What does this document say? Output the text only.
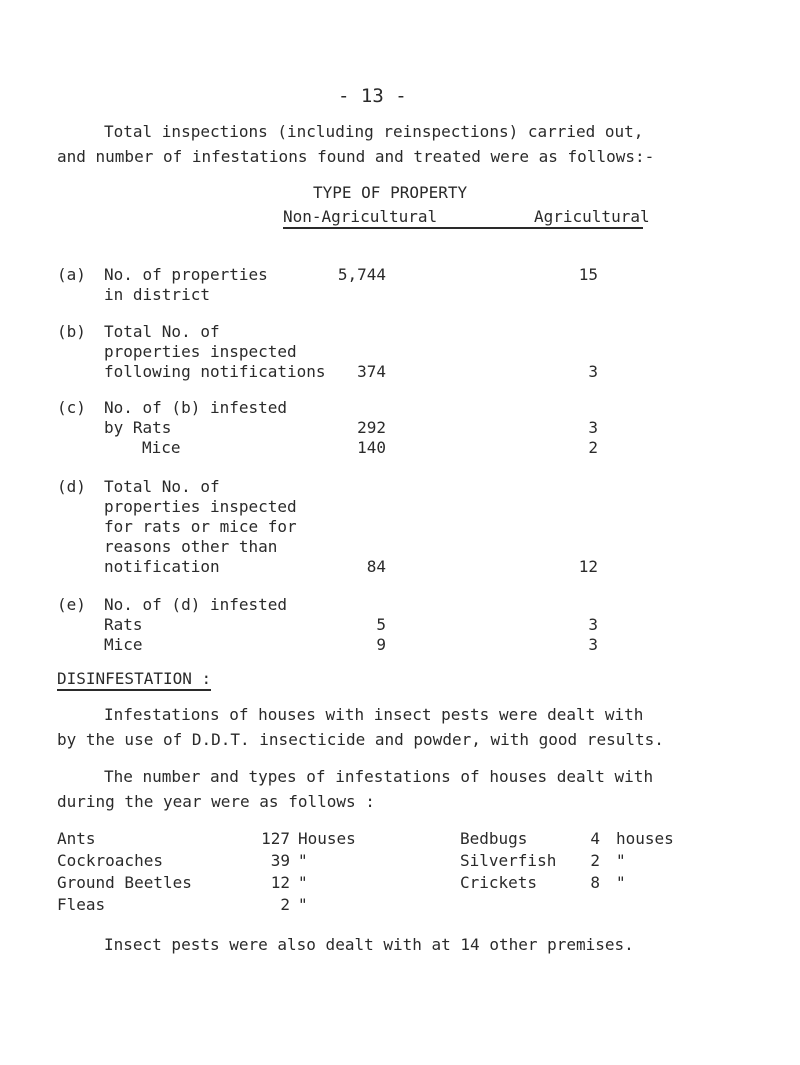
- 13 -
Total inspections (including reinspections) carried out,
and number of infestations found and treated were as follows:-
TYPE OF PROPERTY
Non-Agricultural	Agricultural
(a) No. of properties
in district
5,744	15
(b) Total No. of
properties inspected
following notifications	374	3
(c) No. of (b) infested
by Rats	292	3
Mice	140	2
(d) Total No. of
properties inspected
for rats or mice for
reasons other than
notification	84	12
(e) No. of (d) infested
Rats	5	3
Mice	9	3
DISINFESTATION :
Infestations of houses with insect pests were dealt with
by the use of D.D.T. insecticide and powder, with good results.
The number and types of infestations of houses dealt with
during the year were as follows :
Ants	127 Houses
Cockroaches	39 "
Ground Beetles	12 "
Fleas	2 "
Bedbugs	4 houses
Silverfish	2 "
Crickets	8 "
Insect pests were also dealt with at 14 other premises.
